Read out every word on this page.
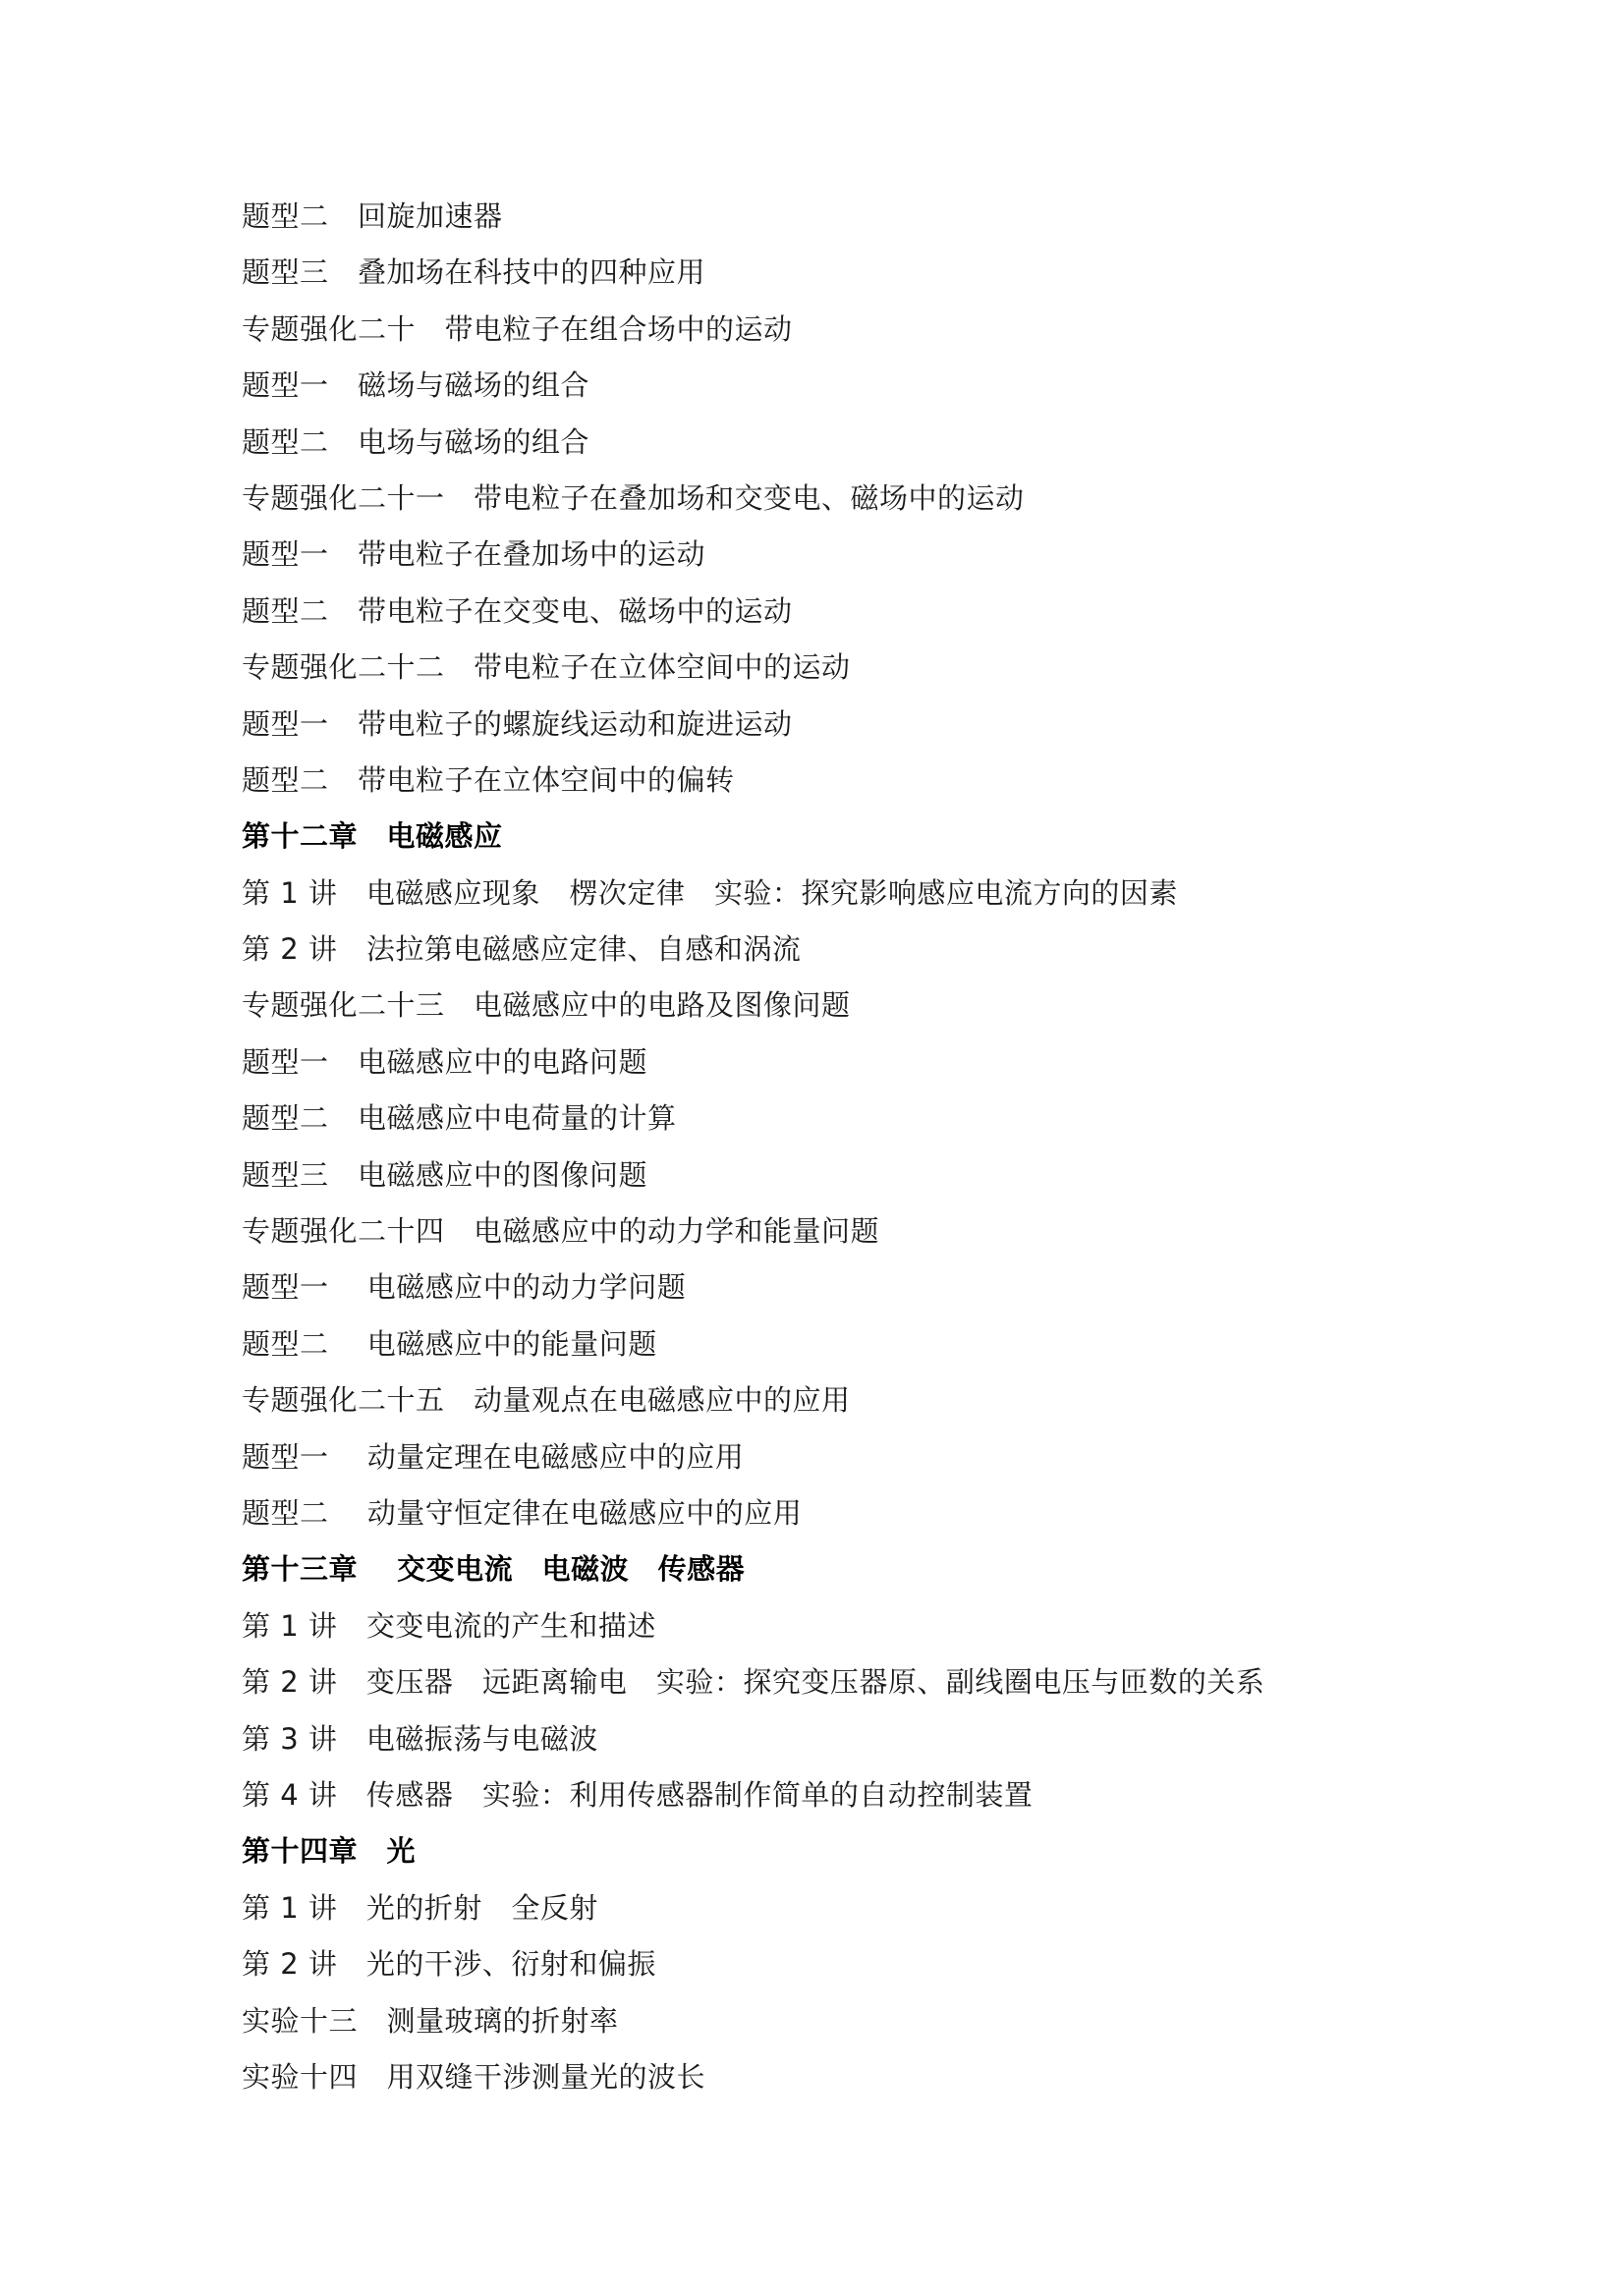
题型二　回旋加速器
题型三　叠加场在科技中的四种应用
专题强化二十　带电粒子在组合场中的运动
题型一　磁场与磁场的组合
题型二　电场与磁场的组合
专题强化二十一　带电粒子在叠加场和交变电、磁场中的运动
题型一　带电粒子在叠加场中的运动
题型二　带电粒子在交变电、磁场中的运动
专题强化二十二　带电粒子在立体空间中的运动
题型一　带电粒子的螺旋线运动和旋进运动
题型二　带电粒子在立体空间中的偏转
第十二章　电磁感应
第 1 讲　电磁感应现象　楞次定律　实验：探究影响感应电流方向的因素
第 2 讲　法拉第电磁感应定律、自感和涡流
专题强化二十三　电磁感应中的电路及图像问题
题型一　电磁感应中的电路问题
题型二　电磁感应中电荷量的计算
题型三　电磁感应中的图像问题
专题强化二十四　电磁感应中的动力学和能量问题
题型一　 电磁感应中的动力学问题
题型二　 电磁感应中的能量问题
专题强化二十五　动量观点在电磁感应中的应用
题型一　 动量定理在电磁感应中的应用
题型二　 动量守恒定律在电磁感应中的应用
第十三章　 交变电流　电磁波　传感器
第 1 讲　交变电流的产生和描述
第 2 讲　变压器　远距离输电　实验：探究变压器原、副线圈电压与匝数的关系
第 3 讲　电磁振荡与电磁波
第 4 讲　传感器　实验：利用传感器制作简单的自动控制装置
第十四章　光
第 1 讲　光的折射　全反射
第 2 讲　光的干涉、衍射和偏振
实验十三　测量玻璃的折射率
实验十四　用双缝干涉测量光的波长
